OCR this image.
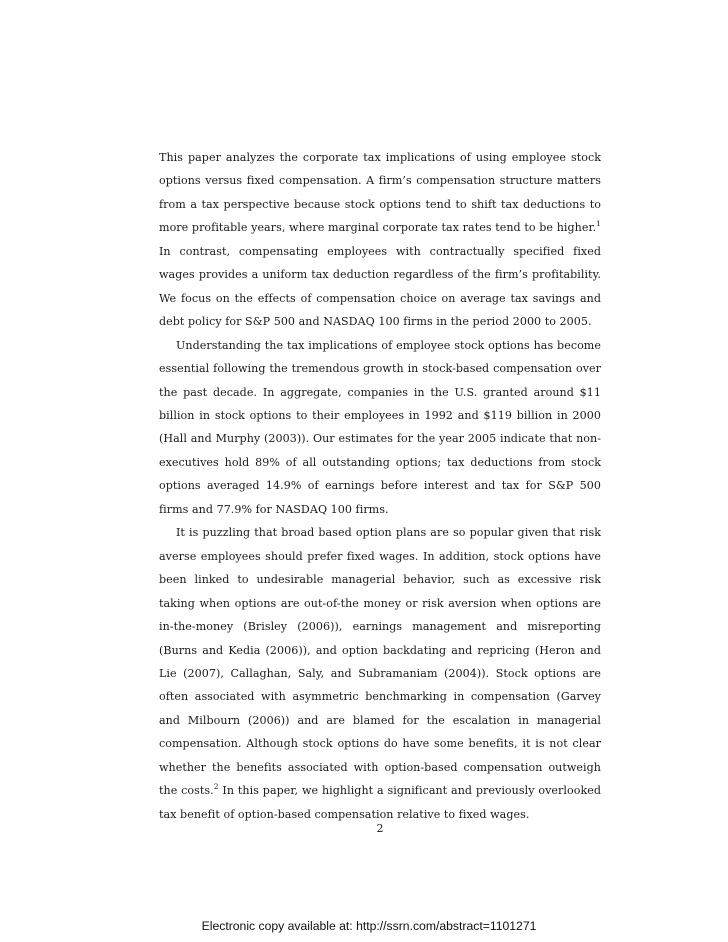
This paper analyzes the corporate tax implications of using employee stock options versus fixed compensation. A firm’s compensation structure matters from a tax perspective because stock options tend to shift tax deductions to more profitable years, where marginal corporate tax rates tend to be higher.$^1$ In contrast, compensating employees with contractually specified fixed wages provides a uniform tax deduction regardless of the firm’s profitability. We focus on the effects of compensation choice on average tax savings and debt policy for S&P 500 and NASDAQ 100 firms in the period 2000 to 2005.

Understanding the tax implications of employee stock options has become essential following the tremendous growth in stock-based compensation over the past decade. In aggregate, companies in the U.S. granted around $11 billion in stock options to their employees in 1992 and $119 billion in 2000 (Hall and Murphy (2003)). Our estimates for the year 2005 indicate that non-executives hold 89% of all outstanding options; tax deductions from stock options averaged 14.9% of earnings before interest and tax for S&P 500 firms and 77.9% for NASDAQ 100 firms.

It is puzzling that broad based option plans are so popular given that risk averse employees should prefer fixed wages. In addition, stock options have been linked to undesirable managerial behavior, such as excessive risk taking when options are out-of-the money or risk aversion when options are in-the-money (Brisley (2006)), earnings management and misreporting (Burns and Kedia (2006)), and option backdating and repricing (Heron and Lie (2007), Callaghan, Saly, and Subramaniam (2004)). Stock options are often associated with asymmetric benchmarking in compensation (Garvey and Milbourn (2006)) and are blamed for the escalation in managerial compensation. Although stock options do have some benefits, it is not clear whether the benefits associated with option-based compensation outweigh the costs.$^2$ In this paper, we highlight a significant and previously overlooked tax benefit of option-based compensation relative to fixed wages.

2
Electronic copy available at: http://ssrn.com/abstract=1101271
